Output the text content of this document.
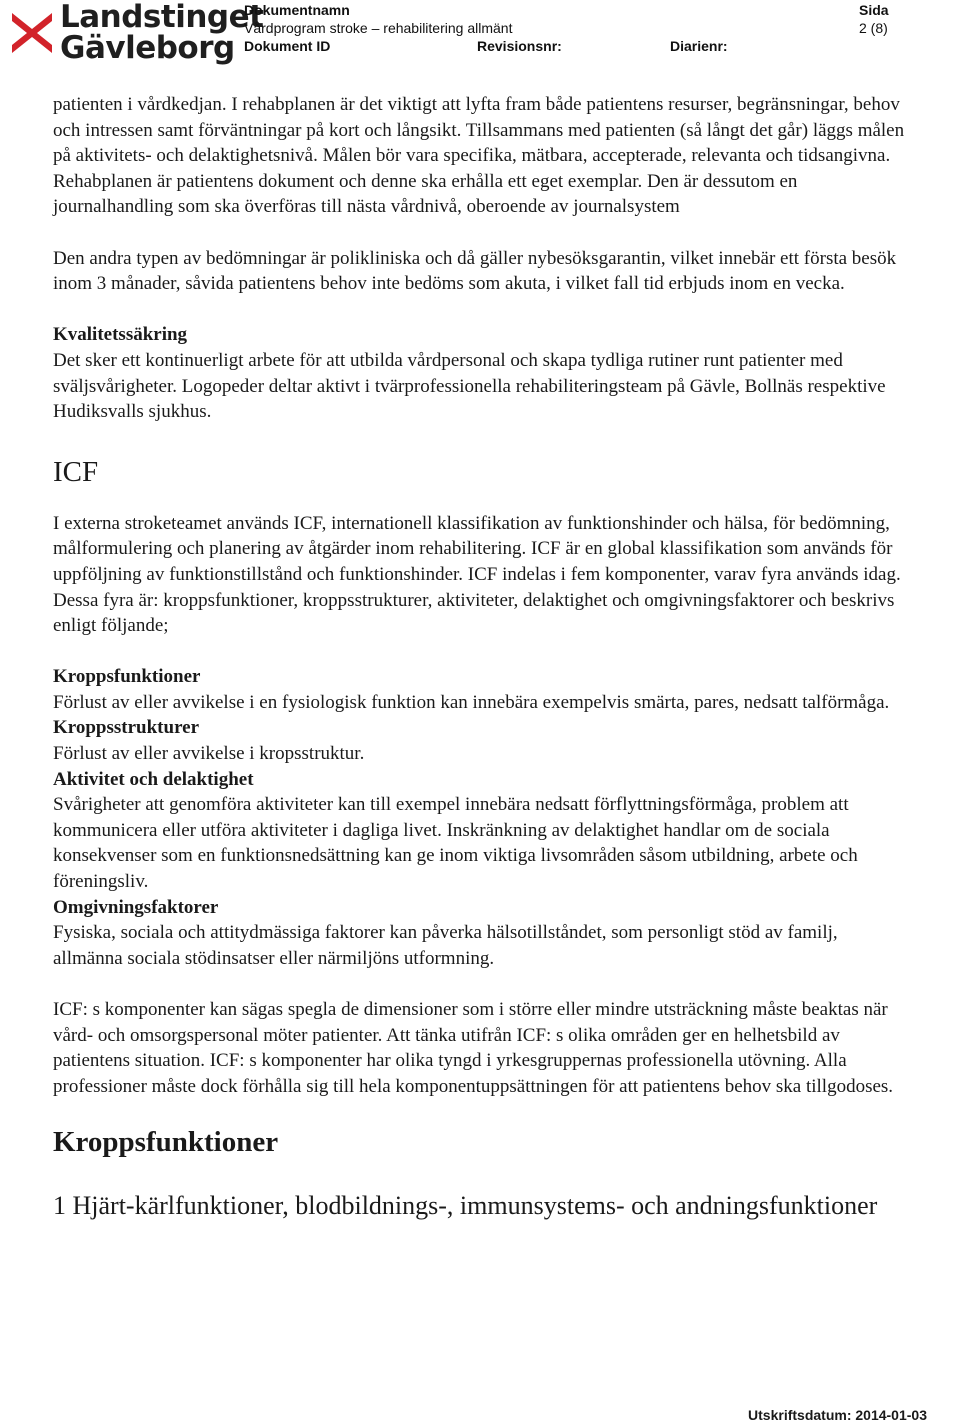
Landstinget
Gävleborg
Dokumentnamn
Vårdprogram stroke – rehabilitering allmänt
Dokument ID	Revisionsnr:	Diarienr:
Sida
2 (8)

patienten i vårdkedjan. I rehabplanen är det viktigt att lyfta fram både patientens resurser, begränsningar, behov och intressen samt förväntningar på kort och långsikt. Tillsammans med patienten (så långt det går) läggs målen på aktivitets- och delaktighetsnivå. Målen bör vara specifika, mätbara, accepterade, relevanta och tidsangivna. Rehabplanen är patientens dokument och denne ska erhålla ett eget exemplar. Den är dessutom en journalhandling som ska överföras till nästa vårdnivå, oberoende av journalsystem

Den andra typen av bedömningar är polikliniska och då gäller nybesöksgarantin, vilket innebär ett första besök inom 3 månader, såvida patientens behov inte bedöms som akuta, i vilket fall tid erbjuds inom en vecka.

Kvalitetssäkring

Det sker ett kontinuerligt arbete för att utbilda vårdpersonal och skapa tydliga rutiner runt patienter med sväljsvårigheter. Logopeder deltar aktivt i tvärprofessionella rehabiliteringsteam på Gävle, Bollnäs respektive Hudiksvalls sjukhus.

ICF

I externa stroketeamet används ICF, internationell klassifikation av funktionshinder och hälsa, för bedömning, målformulering och planering av åtgärder inom rehabilitering. ICF är en global klassifikation som används för uppföljning av funktionstillstånd och funktionshinder. ICF indelas i fem komponenter, varav fyra används idag. Dessa fyra är: kroppsfunktioner, kroppsstrukturer, aktiviteter, delaktighet och omgivningsfaktorer och beskrivs enligt följande;

Kroppsfunktioner

Förlust av eller avvikelse i en fysiologisk funktion kan innebära exempelvis smärta, pares, nedsatt talförmåga.

Kroppsstrukturer

Förlust av eller avvikelse i kropsstruktur.

Aktivitet och delaktighet

Svårigheter att genomföra aktiviteter kan till exempel innebära nedsatt förflyttningsförmåga, problem att kommunicera eller utföra aktiviteter i dagliga livet. Inskränkning av delaktighet handlar om de sociala konsekvenser som en funktionsnedsättning kan ge inom viktiga livsområden såsom utbildning, arbete och föreningsliv.

Omgivningsfaktorer

Fysiska, sociala och attitydmässiga faktorer kan påverka hälsotillståndet, som personligt stöd av familj, allmänna sociala stödinsatser eller närmiljöns utformning.

ICF: s komponenter kan sägas spegla de dimensioner som i större eller mindre utsträckning måste beaktas när vård- och omsorgspersonal möter patienter. Att tänka utifrån ICF: s olika områden ger en helhetsbild av patientens situation. ICF: s komponenter har olika tyngd i yrkesgruppernas professionella utövning. Alla professioner måste dock förhålla sig till hela komponentuppsättningen för att patientens behov ska tillgodoses.

Kroppsfunktioner

1 Hjärt-kärlfunktioner, blodbildnings-, immunsystems- och andningsfunktioner

Utskriftsdatum: 2014-01-03
